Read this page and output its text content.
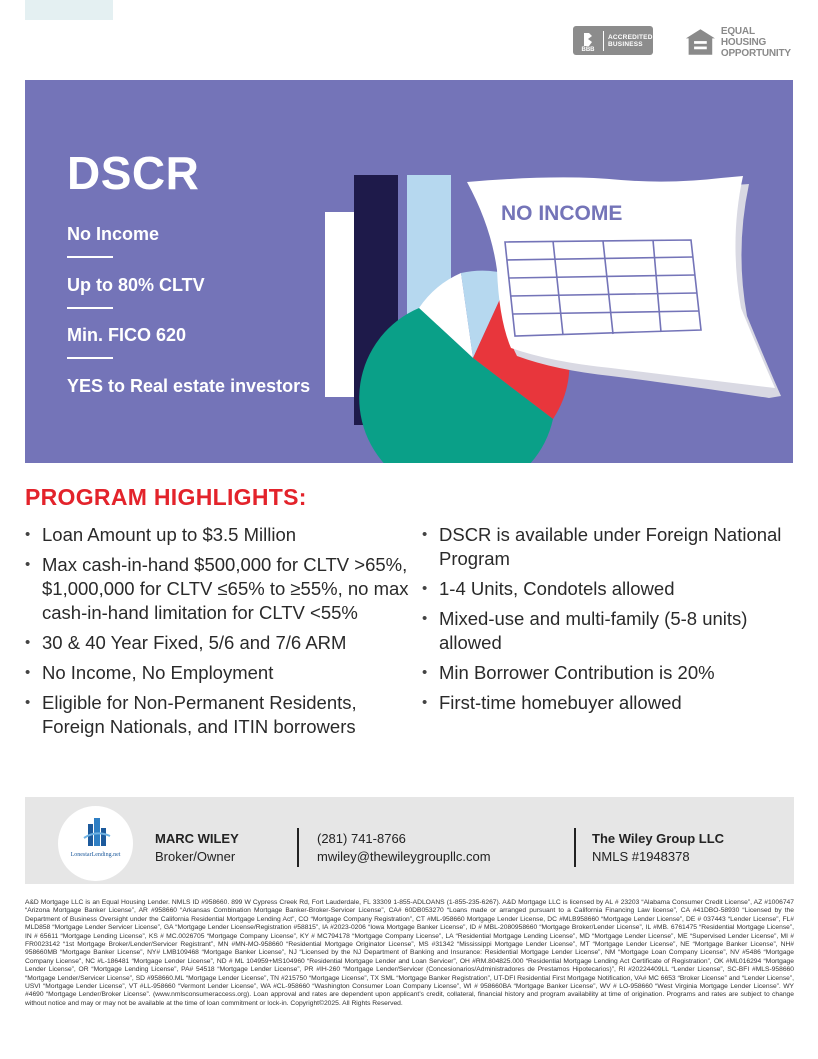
BBB
ACCREDITED
BUSINESS
EQUAL HOUSING
OPPORTUNITY
DSCR
No Income
Up to 80% CLTV
Min. FICO 620
YES to Real estate investors
NO INCOME
PROGRAM HIGHLIGHTS:
• Loan Amount up to $3.5 Million
• Max cash-in-hand $500,000 for CLTV >65%, $1,000,000 for CLTV ≤65% to ≥55%, no max cash-in-hand limitation for CLTV <55%
• 30 & 40 Year Fixed, 5/6 and 7/6 ARM
• No Income, No Employment
• Eligible for Non-Permanent Residents, Foreign Nationals, and ITIN borrowers
• DSCR is available under Foreign National Program
• 1-4 Units, Condotels allowed
• Mixed-use and multi-family (5-8 units) allowed
• Min Borrower Contribution is 20%
• First-time homebuyer allowed
LonestarLending.net
MARC WILEY
Broker/Owner
(281) 741-8766
mwiley@thewileygroupllc.com
The Wiley Group LLC
NMLS #1948378
A&D Mortgage LLC is an Equal Housing Lender. NMLS ID #958660. 899 W Cypress Creek Rd, Fort Lauderdale, FL 33309 1-855-ADLOANS (1-855-235-6267). A&D Mortgage LLC is licensed by AL # 23203 “Alabama Consumer Credit License”, AZ #1006747 “Arizona Mortgage Banker License”, AR #958660 “Arkansas Combination Mortgage Banker-Broker-Servicer License”, CA# 60DB053270 “Loans made or arranged pursuant to a California Financing Law license”, CA #41DBO-58930 “Licensed by the Department of Business Oversight under the California Residential Mortgage Lending Act”, CO “Mortgage Company Registration”, CT #ML-958660 Mortgage Lender License, DC #MLB958660 “Mortgage Lender License”, DE # 037443 “Lender License”, FL# MLD858 “Mortgage Lender Servicer License”, GA “Mortgage Lender License/Registration #58815”, IA #2023-0206 “Iowa Mortgage Banker License”, ID # MBL-2080958660 “Mortgage Broker/Lender License”, IL #MB. 6761475 “Residential Mortgage License”, IN # 65611 “Mortgage Lending License”, KS # MC.0026705 “Mortgage Company License”, KY # MC794178 “Mortgage Company License”, LA “Residential Mortgage Lending License”, MD “Mortgage Lender License”, ME “Supervised Lender License”, MI # FR0023142 “1st Mortgage Broker/Lender/Servicer Registrant”, MN #MN-MO-958660 “Residential Mortgage Originator License”, MS #31342 “Mississippi Mortgage Lender License”, MT “Mortgage Lender License”, NE “Mortgage Banker License”, NH# 958660MB “Mortgage Banker License”, NY# LMB109468 “Mortgage Banker License”, NJ “Licensed by the NJ Department of Banking and Insurance: Residential Mortgage Lender License”, NM “Mortgage Loan Company License”, NV #5486 “Mortgage Company License”, NC #L-186481 “Mortgage Lender License”, ND # ML 104959+MS104960 “Residential Mortgage Lender and Loan Servicer”, OH #RM.804825.000 “Residential Mortgage Lending Act Certificate of Registration”, OK #ML016294 “Mortgage Lender License”, OR “Mortgage Lending License”, PA# 54518 “Mortgage Lender License”, PR #IH-260 “Mortgage Lender/Servicer (Concesionarios/Administradores de Prestamos Hipotecarios)”, RI #20224409LL “Lender License”, SC-BFI #MLS-958660 “Mortgage Lender/Servicer License”, SD #958660.ML “Mortgage Lender License”, TN #215750 “Mortgage License”, TX SML “Mortgage Banker Registration”, UT-DFI Residential First Mortgage Notification, VA# MC 6653 “Broker License” and “Lender License”, USVI “Mortgage Lender License”, VT #LL-958660 “Vermont Lender License”, WA #CL-958660 “Washington Consumer Loan Company License”, WI # 958660BA “Mortgage Banker License”, WV # LO-958660 “West Virginia Mortgage Lender License”. WY #4690 “Mortgage Lender/Broker License”. (www.nmlsconsumeraccess.org). Loan approval and rates are dependent upon applicant’s credit, collateral, financial history and program availability at time of origination. Programs and rates are subject to change without notice and may or may not be available at the time of loan commitment or lock-in. Copyright©2025. All Rights Reserved.
